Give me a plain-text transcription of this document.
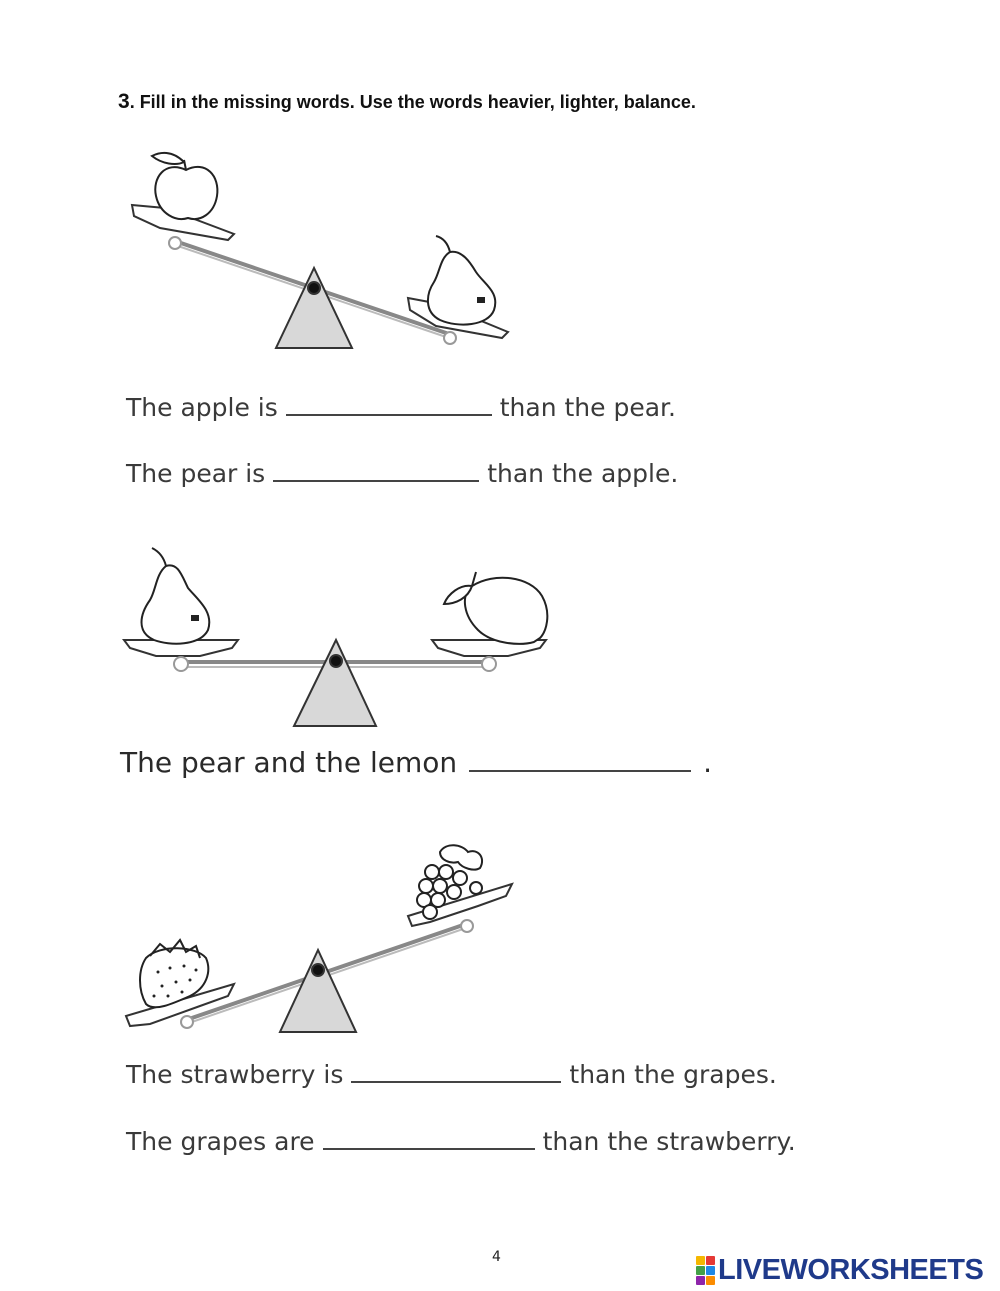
3. Fill in the missing words. Use the words heavier, lighter, balance.
The apple is	than the pear.
The pear is	than the apple.
The pear and the lemon	.
The strawberry is	than the grapes.
The grapes are	than the strawberry.
4	LIVEWORKSHEETS
